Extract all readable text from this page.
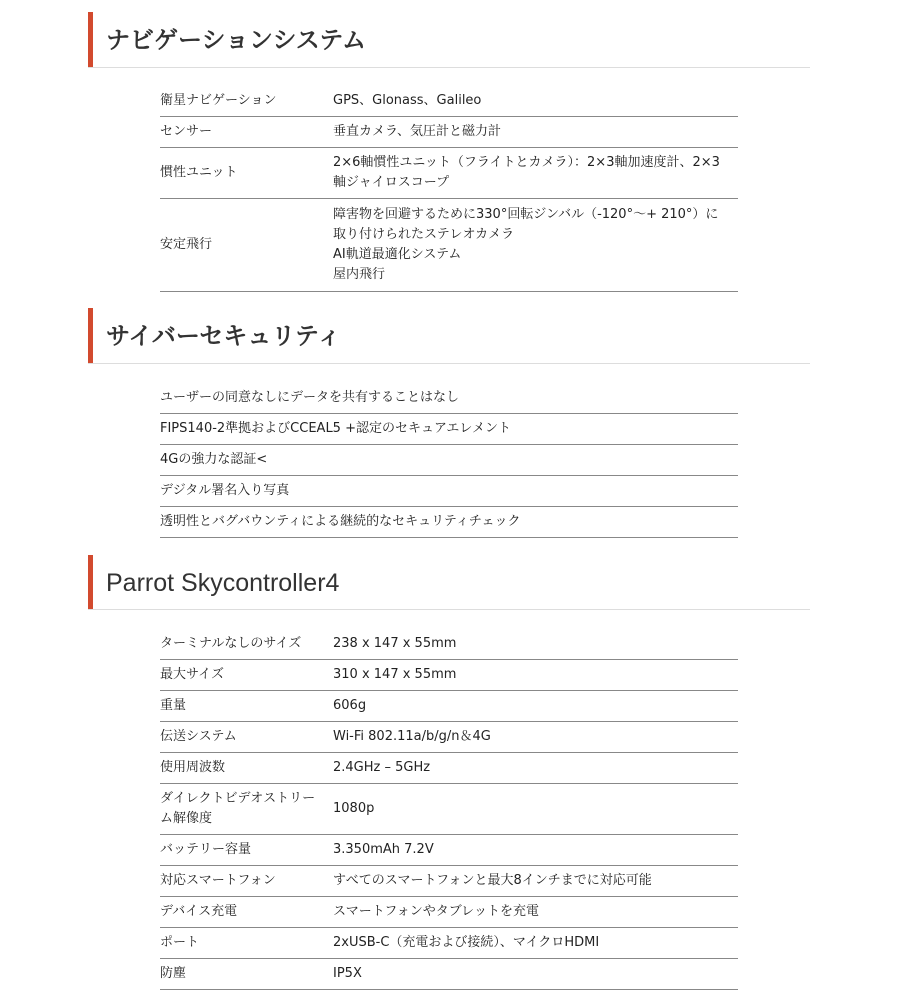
ナビゲーションシステム
衛星ナビゲーション	GPS、Glonass、Galileo

センサー	垂直カメラ、気圧計と磁力計

慣性ユニット	2×6軸慣性ユニット（フライトとカメラ）：2×3軸加速度計、2×3
軸ジャイロスコープ

安定飛行	障害物を回避するために330°回転ジンバル（-120°～+ 210°）に
取り付けられたステレオカメラ
AI軌道最適化システム
屋内飛行
サイバーセキュリティ
ユーザーの同意なしにデータを共有することはなし
FIPS140-2準拠およびCCEAL5 +認定のセキュアエレメント
4Gの強力な認証<
デジタル署名入り写真
透明性とバグバウンティによる継続的なセキュリティチェック
Parrot Skycontroller4
ターミナルなしのサイズ	238 x 147 x 55mm
最大サイズ	310 x 147 x 55mm
重量	606g
伝送システム	Wi-Fi 802.11a/b/g/n＆4G
使用周波数	2.4GHz – 5GHz

ダイレクトビデオストリー
ム解像度	1080p
バッテリー容量	3.350mAh 7.2V
対応スマートフォン	すべてのスマートフォンと最大8インチまでに対応可能
デバイス充電	スマートフォンやタブレットを充電
ポート	2xUSB-C（充電および接続）、マイクロHDMI
防塵	IP5X
